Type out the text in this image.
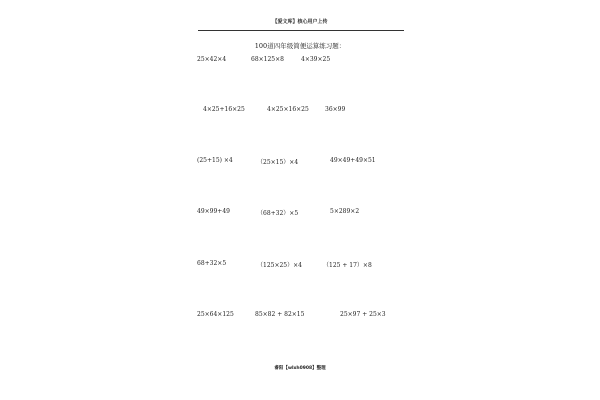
【爱文库】核心用户上传
100道四年级简便运算练习题：
25×42×4	68×125×8	4×39×25
4×25+16×25	4×25×16×25	36×99
(25+15) ×4	（25×15）×4	49×49+49×51
49×99+49	（68+32）×5	5×289×2
68+32×5	（125×25）×4	（125 + 17）×8
25×64×125	85×82 + 82×15	25×97 + 25×3
睿阳【wlxh0908】整理
